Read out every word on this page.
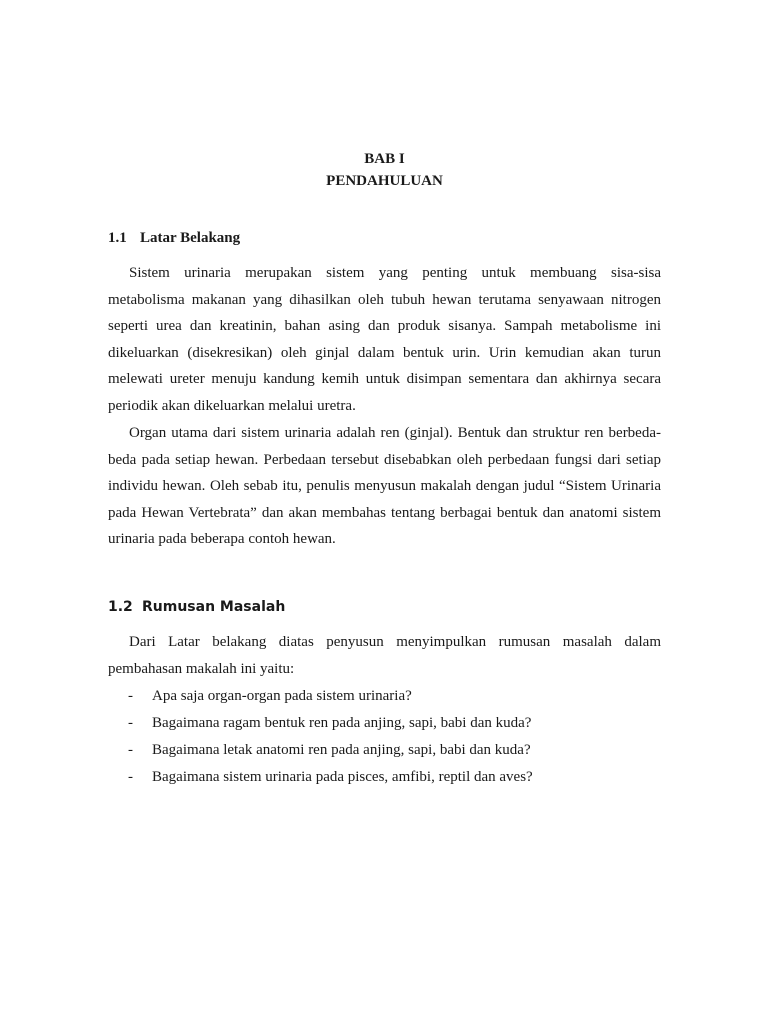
BAB I
PENDAHULUAN
1.1 Latar Belakang
Sistem urinaria merupakan sistem yang penting untuk membuang sisa-sisa
metabolisma makanan yang dihasilkan oleh tubuh hewan terutama senyawaan nitrogen
seperti urea dan kreatinin, bahan asing dan produk sisanya. Sampah metabolisme ini
dikeluarkan (disekresikan) oleh ginjal dalam bentuk urin. Urin kemudian akan turun
melewati ureter menuju kandung kemih untuk disimpan sementara dan akhirnya secara
periodik akan dikeluarkan melalui uretra.
Organ utama dari sistem urinaria adalah ren (ginjal). Bentuk dan struktur ren berbeda-
beda pada setiap hewan. Perbedaan tersebut disebabkan oleh perbedaan fungsi dari setiap
individu hewan. Oleh sebab itu, penulis menyusun makalah dengan judul “Sistem Urinaria
pada Hewan Vertebrata” dan akan membahas tentang berbagai bentuk dan anatomi sistem
urinaria pada beberapa contoh hewan.
1.2 Rumusan Masalah
Dari Latar belakang diatas penyusun menyimpulkan rumusan masalah dalam
pembahasan makalah ini yaitu:
- Apa saja organ-organ pada sistem urinaria?
- Bagaimana ragam bentuk ren pada anjing, sapi, babi dan kuda?
- Bagaimana letak anatomi ren pada anjing, sapi, babi dan kuda?
- Bagaimana sistem urinaria pada pisces, amfibi, reptil dan aves?
